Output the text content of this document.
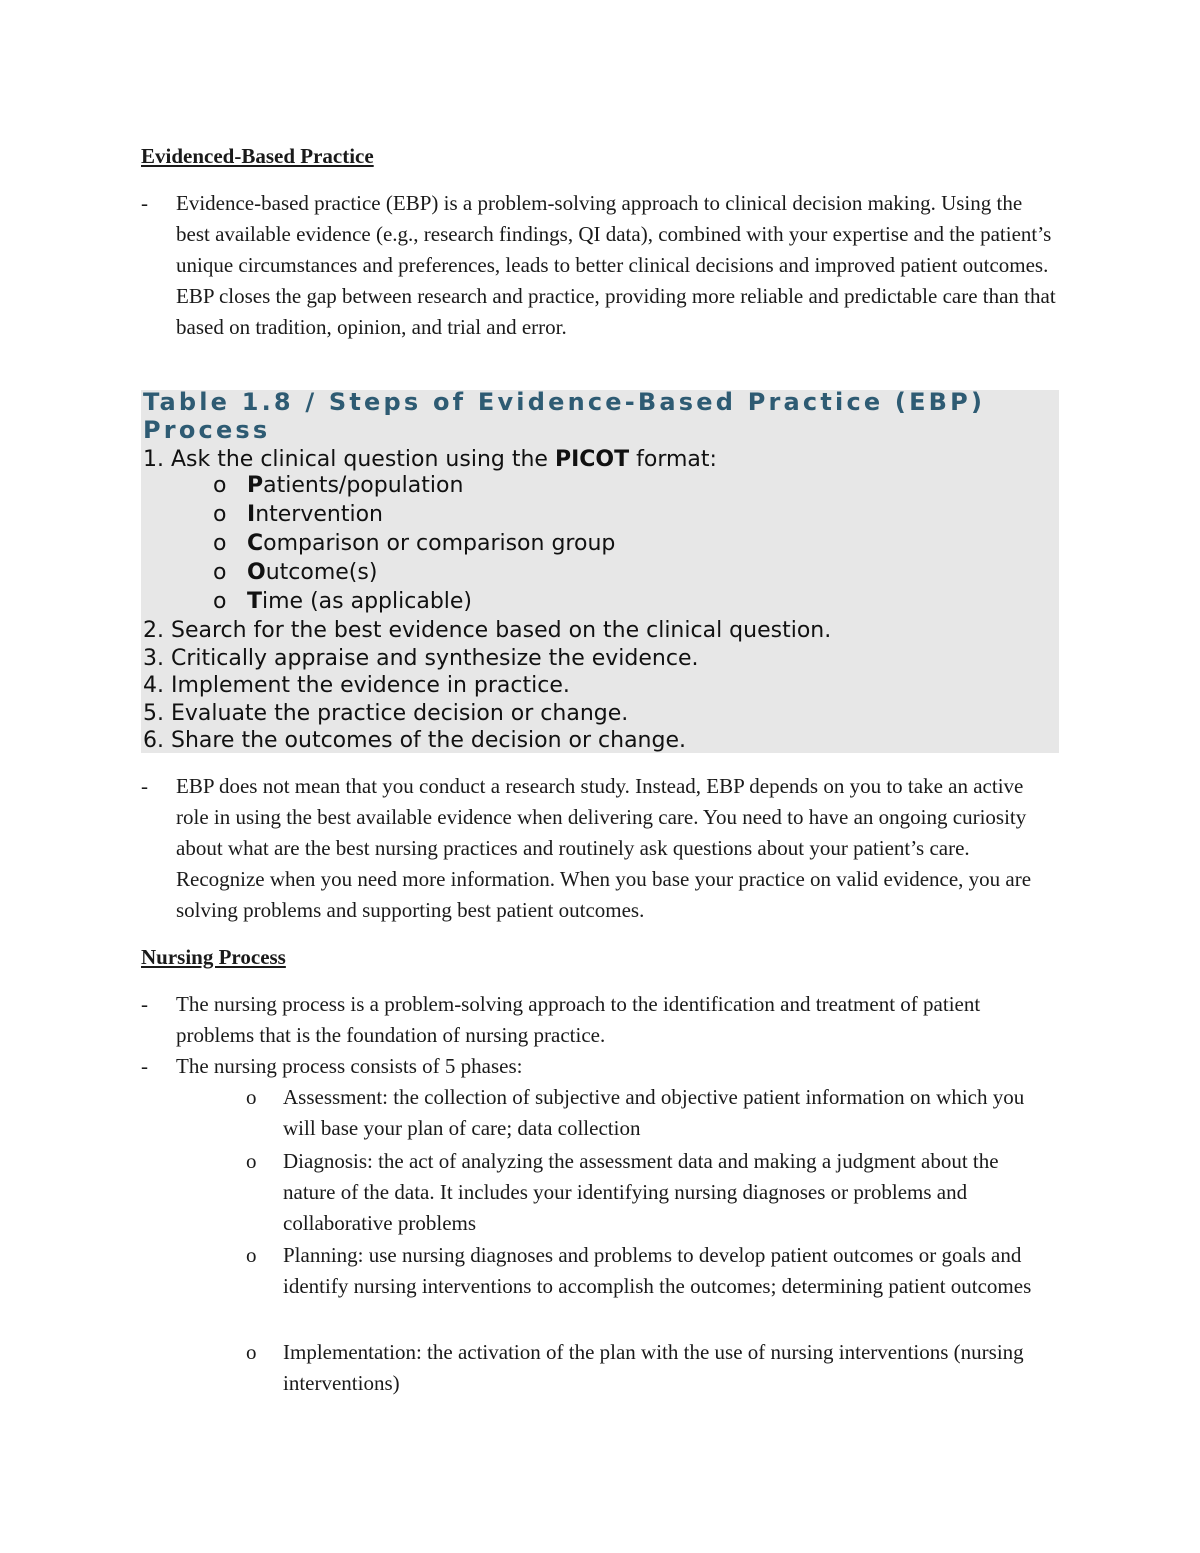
Evidenced-Based Practice
- Evidence-based practice (EBP) is a problem-solving approach to clinical decision making. Using the best available evidence (e.g., research findings, QI data), combined with your expertise and the patient’s unique circumstances and preferences, leads to better clinical decisions and improved patient outcomes. EBP closes the gap between research and practice, providing more reliable and predictable care than that based on tradition, opinion, and trial and error.
Table 1.8 / Steps of Evidence-Based Practice (EBP) Process
1. Ask the clinical question using the PICOT format:
o Patients/population
o Intervention
o Comparison or comparison group
o Outcome(s)
o Time (as applicable)
2. Search for the best evidence based on the clinical question.
3. Critically appraise and synthesize the evidence.
4. Implement the evidence in practice.
5. Evaluate the practice decision or change.
6. Share the outcomes of the decision or change.
- EBP does not mean that you conduct a research study. Instead, EBP depends on you to take an active role in using the best available evidence when delivering care. You need to have an ongoing curiosity about what are the best nursing practices and routinely ask questions about your patient’s care. Recognize when you need more information. When you base your practice on valid evidence, you are solving problems and supporting best patient outcomes.
Nursing Process
- The nursing process is a problem-solving approach to the identification and treatment of patient problems that is the foundation of nursing practice.
- The nursing process consists of 5 phases:
o Assessment: the collection of subjective and objective patient information on which you will base your plan of care; data collection
o Diagnosis: the act of analyzing the assessment data and making a judgment about the nature of the data. It includes your identifying nursing diagnoses or problems and collaborative problems
o Planning: use nursing diagnoses and problems to develop patient outcomes or goals and identify nursing interventions to accomplish the outcomes; determining patient outcomes
o Implementation: the activation of the plan with the use of nursing interventions (nursing interventions)
